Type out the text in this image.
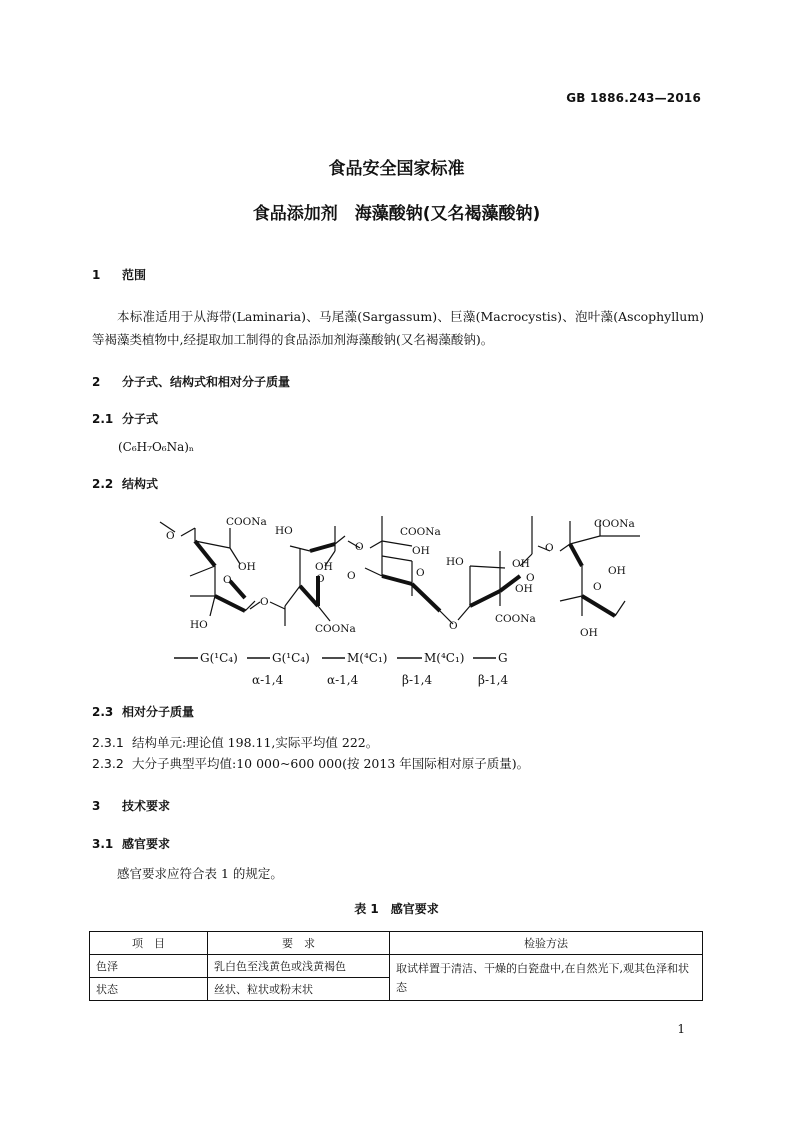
GB 1886.243—2016
食品安全国家标准
食品添加剂　海藻酸钠(又名褐藻酸钠)
1 范围
本标准适用于从海带(Laminaria)、马尾藻(Sargassum)、巨藻(Macrocystis)、泡叶藻(Ascophyllum)等褐藻类植物中,经提取加工制得的食品添加剂海藻酸钠(又名褐藻酸钠)。
2 分子式、结构式和相对分子质量
2.1 分子式
(C₆H₇O₆Na)ₙ
2.2 结构式
O
COONa
OH
O
HO
O
HO
OH
O
COONa
O
COONa
OH
O	O
HO
O
COONa
OH
OH
O
O
COONa
OH
O
OH
G(¹C₄)	G(¹C₄)	M(⁴C₁)	M(⁴C₁)	G
α-1,4	α-1,4	β-1,4	β-1,4
2.3 相对分子质量
2.3.1 结构单元:理论值 198.11,实际平均值 222。
2.3.2 大分子典型平均值:10 000~600 000(按 2013 年国际相对原子质量)。
3 技术要求
3.1 感官要求
感官要求应符合表 1 的规定。
表 1　感官要求
项　目	要　求	检验方法
色泽	乳白色至浅黄色或浅黄褐色	取试样置于清洁、干燥的白瓷盘中,在自然光下,观其色泽和状态
状态	丝状、粒状或粉末状	
1
